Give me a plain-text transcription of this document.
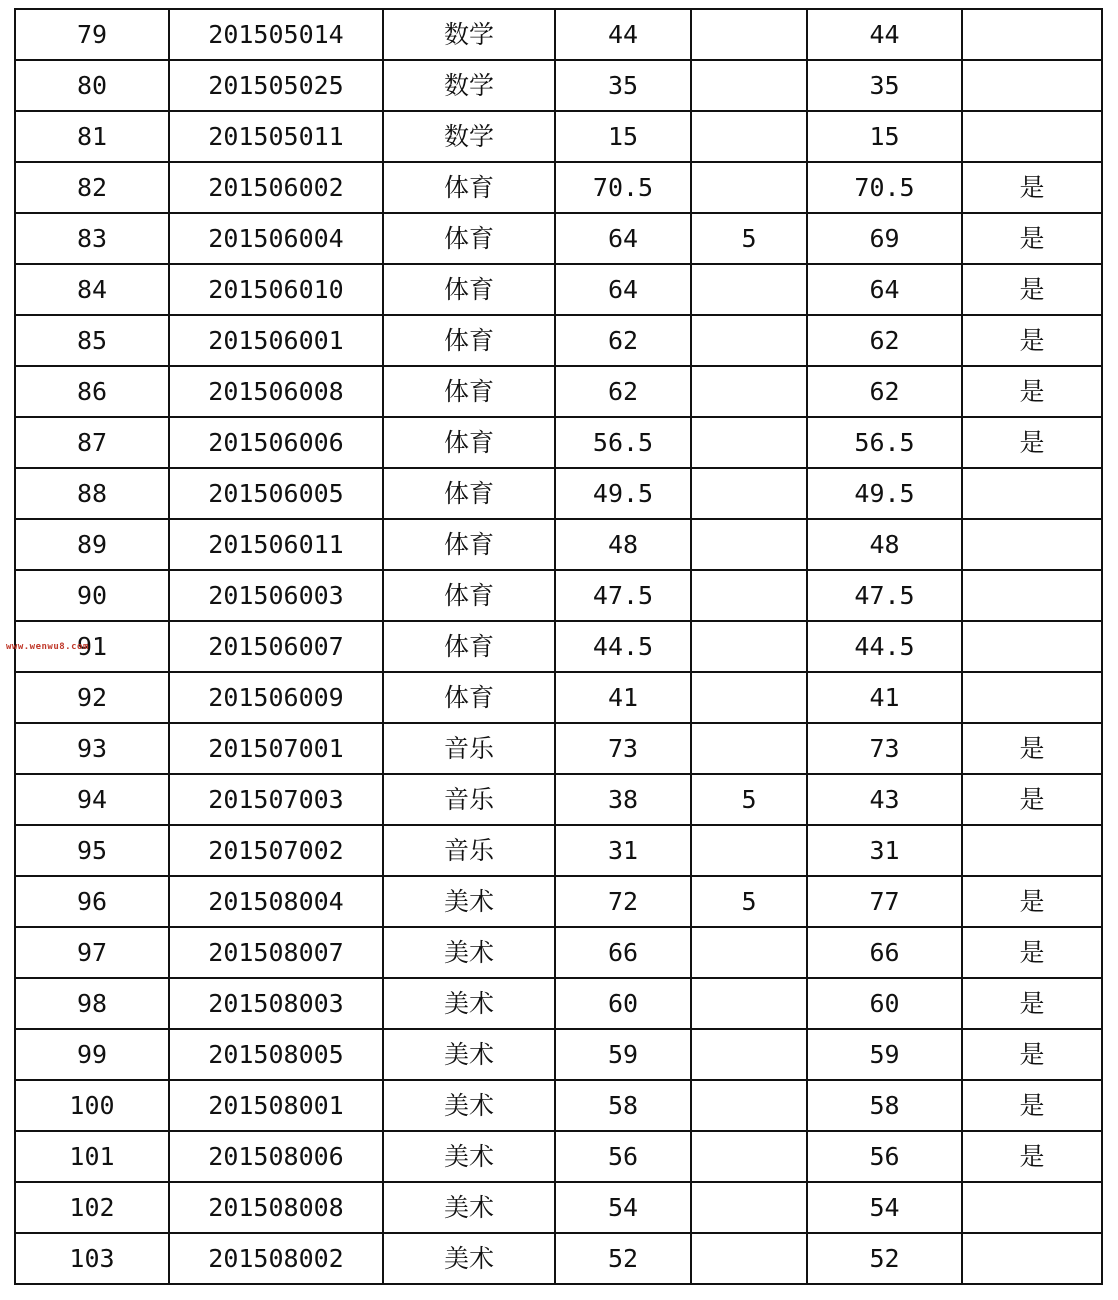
79	201505014	数学	44		44	
80	201505025	数学	35		35	
81	201505011	数学	15		15	
82	201506002	体育	70.5		70.5	是
83	201506004	体育	64	5	69	是
84	201506010	体育	64		64	是
85	201506001	体育	62		62	是
86	201506008	体育	62		62	是
87	201506006	体育	56.5		56.5	是
88	201506005	体育	49.5		49.5	
89	201506011	体育	48		48	
90	201506003	体育	47.5		47.5	
91	201506007	体育	44.5		44.5	
92	201506009	体育	41		41	
93	201507001	音乐	73		73	是
94	201507003	音乐	38	5	43	是
95	201507002	音乐	31		31	
96	201508004	美术	72	5	77	是
97	201508007	美术	66		66	是
98	201508003	美术	60		60	是
99	201508005	美术	59		59	是
100	201508001	美术	58		58	是
101	201508006	美术	56		56	是
102	201508008	美术	54		54	
103	201508002	美术	52		52	
www.wenwu8.com
